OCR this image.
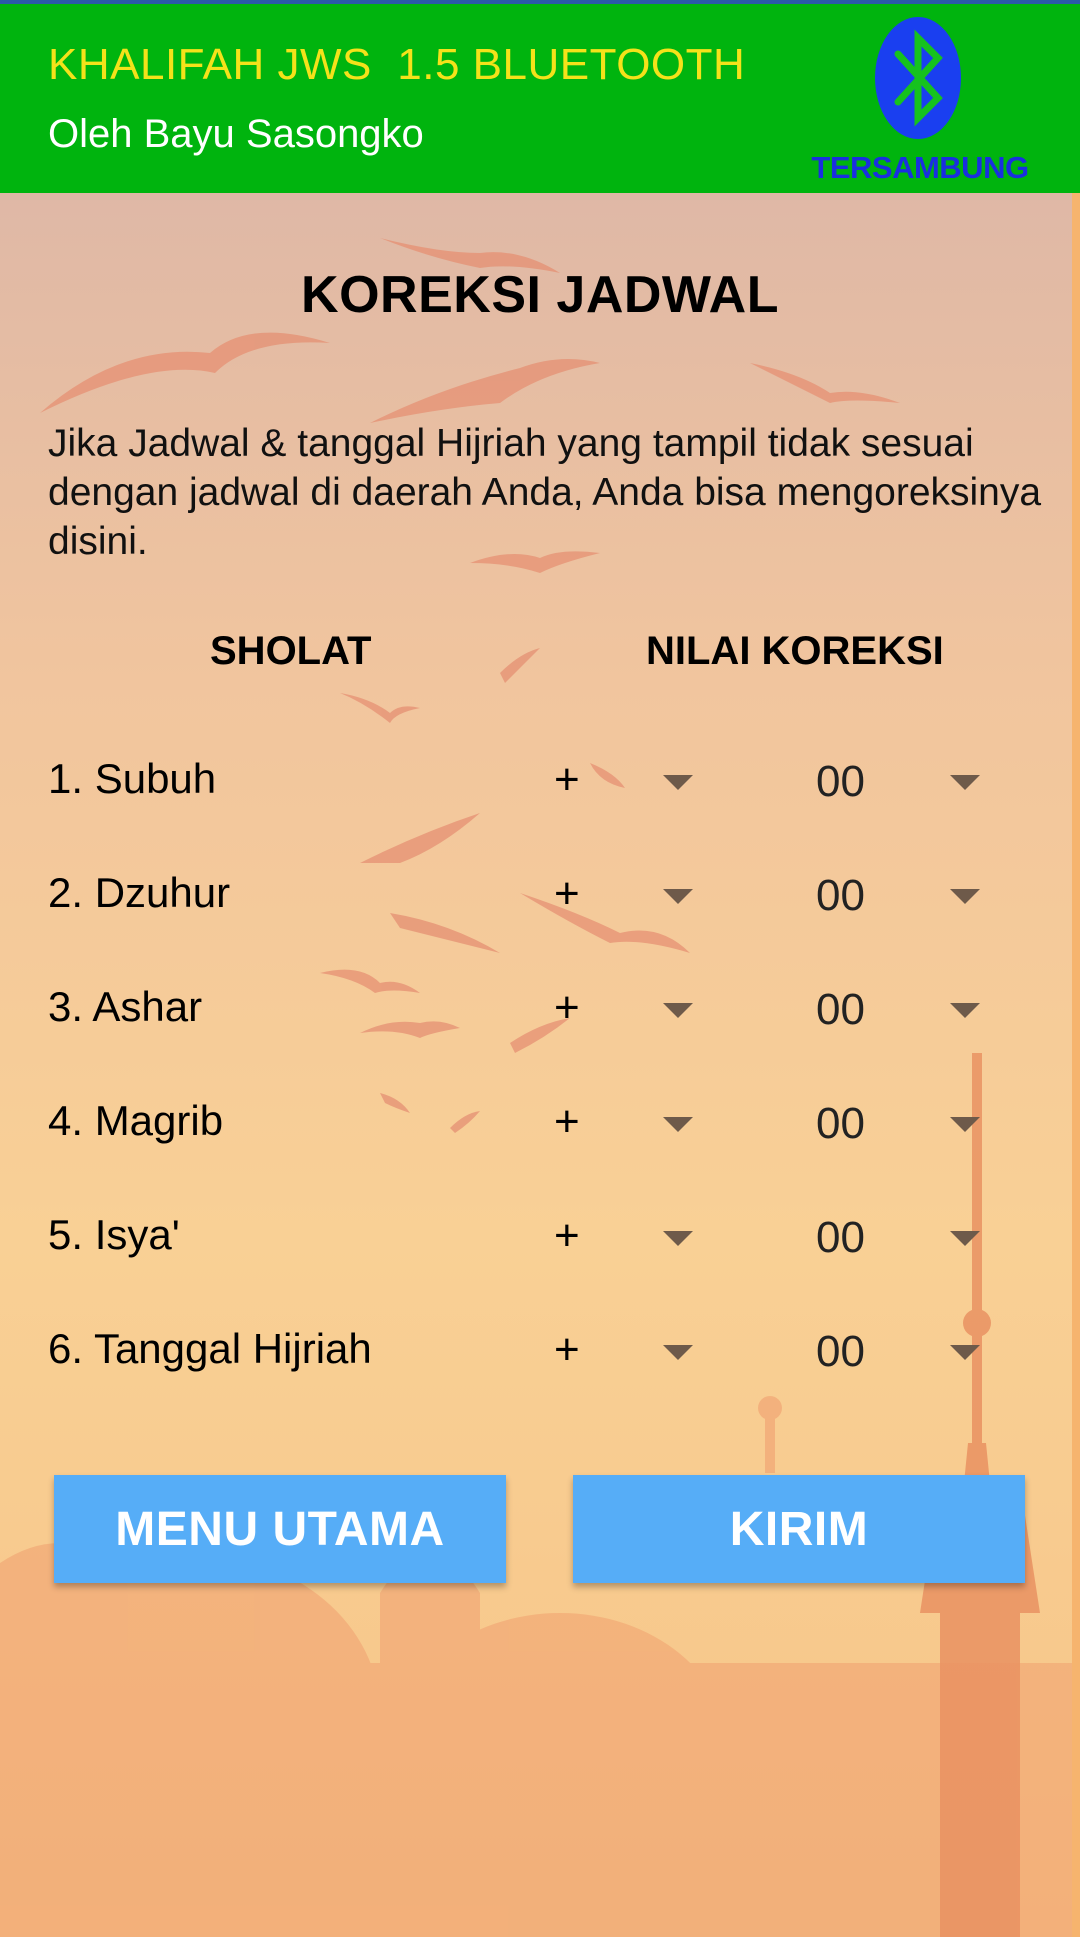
KHALIFAH JWS  1.5 BLUETOOTH
Oleh Bayu Sasongko
TERSAMBUNG
KOREKSI JADWAL
Jika Jadwal & tanggal Hijriah yang tampil tidak sesuai dengan jadwal di daerah Anda, Anda bisa mengoreksinya disini.
SHOLAT	NILAI KOREKSI
1. Subuh	+	00
2. Dzuhur	+	00
3. Ashar	+	00
4. Magrib	+	00
5. Isya'	+	00
6. Tanggal Hijriah	+	00
MENU UTAMA	KIRIM
